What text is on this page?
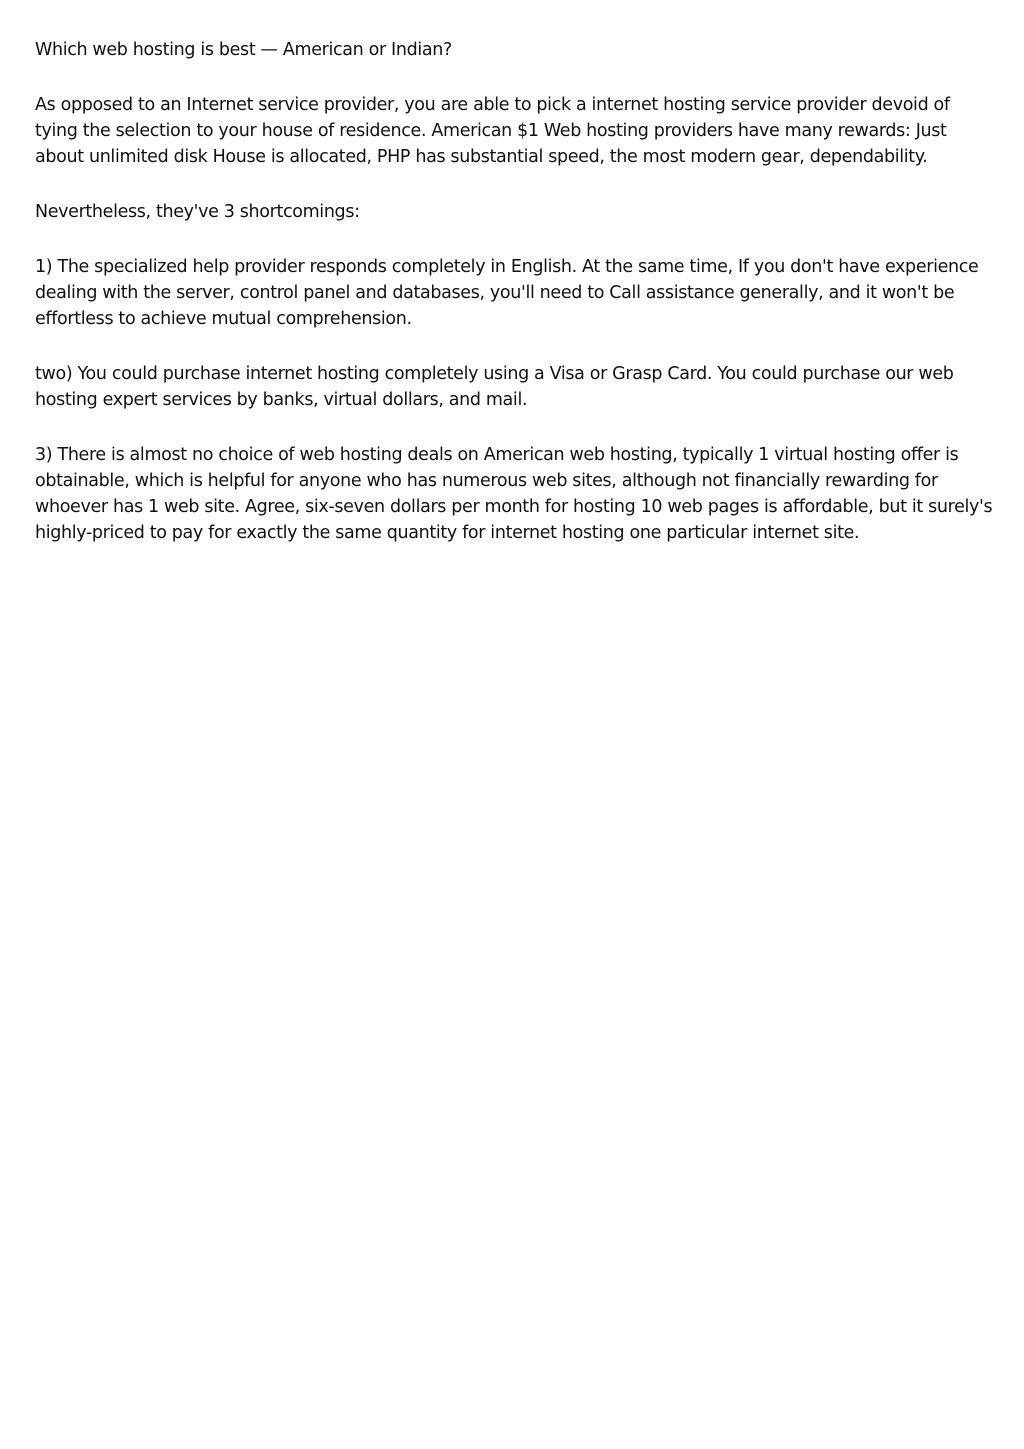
Which web hosting is best — American or Indian?

As opposed to an Internet service provider, you are able to pick a internet hosting service provider devoid of tying the selection to your house of residence. American $1 Web hosting providers have many rewards: Just about unlimited disk House is allocated, PHP has substantial speed, the most modern gear, dependability.

Nevertheless, they've 3 shortcomings:

1) The specialized help provider responds completely in English. At the same time, If you don't have experience dealing with the server, control panel and databases, you'll need to Call assistance generally, and it won't be effortless to achieve mutual comprehension.

two) You could purchase internet hosting completely using a Visa or Grasp Card. You could purchase our web hosting expert services by banks, virtual dollars, and mail.

3) There is almost no choice of web hosting deals on American web hosting, typically 1 virtual hosting offer is obtainable, which is helpful for anyone who has numerous web sites, although not financially rewarding for whoever has 1 web site. Agree, six-seven dollars per month for hosting 10 web pages is affordable, but it surely's highly-priced to pay for exactly the same quantity for internet hosting one particular internet site.
